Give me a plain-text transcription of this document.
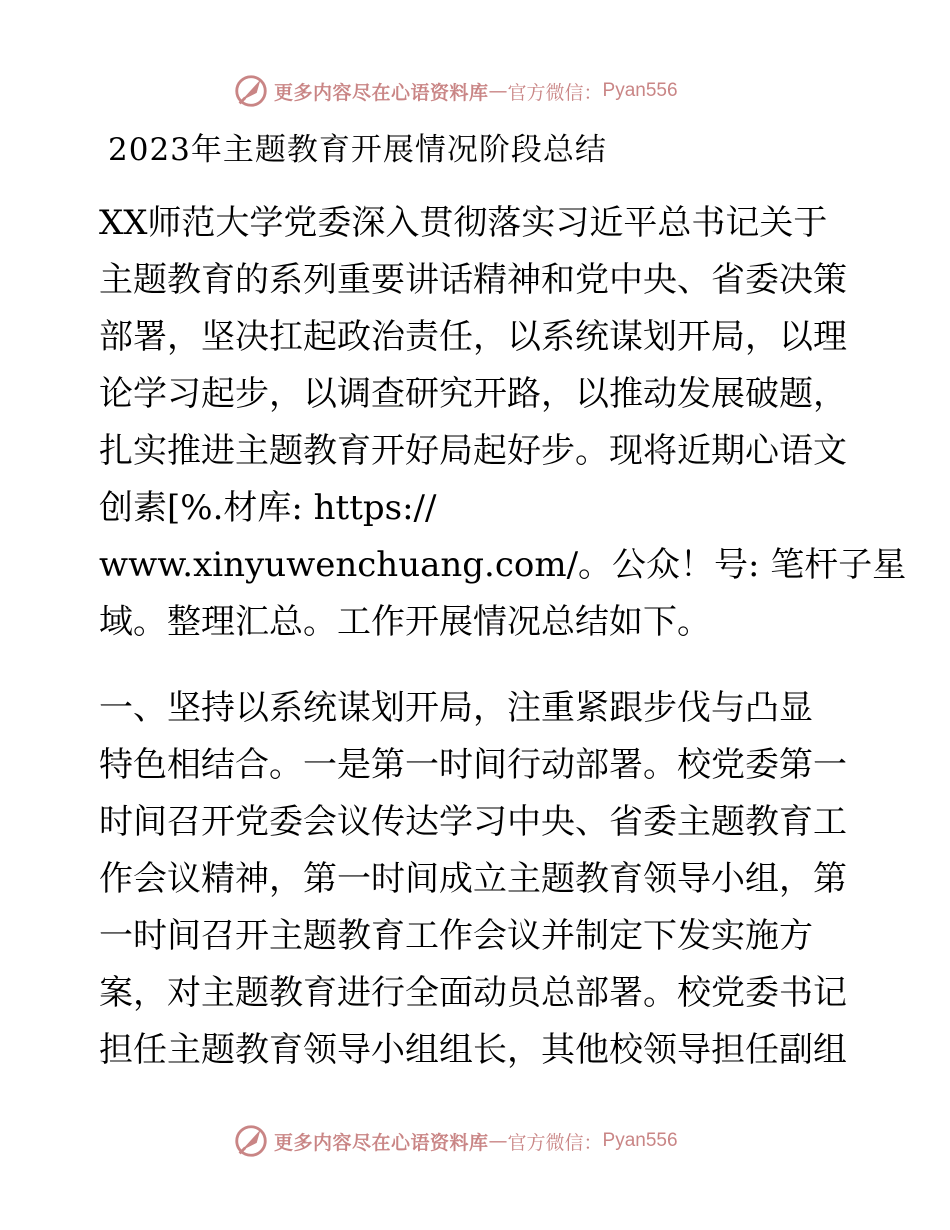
更多内容尽在心语资料库 — 官方微信： Pyan556
2023年主题教育开展情况阶段总结
XX师范大学党委深入贯彻落实习近平总书记关于
主题教育的系列重要讲话精神和党中央、省委决策
部署，坚决扛起政治责任，以系统谋划开局，以理
论学习起步，以调查研究开路，以推动发展破题，
扎实推进主题教育开好局起好步。现将近期心语文
创素[%.材库: https://
www.xinyuwenchuang.com/。公众！号: 笔杆子星
域。整理汇总。工作开展情况总结如下。
一、坚持以系统谋划开局，注重紧跟步伐与凸显
特色相结合。一是第一时间行动部署。校党委第一
时间召开党委会议传达学习中央、省委主题教育工
作会议精神，第一时间成立主题教育领导小组，第
一时间召开主题教育工作会议并制定下发实施方
案，对主题教育进行全面动员总部署。校党委书记
担任主题教育领导小组组长，其他校领导担任副组
更多内容尽在心语资料库 — 官方微信： Pyan556
